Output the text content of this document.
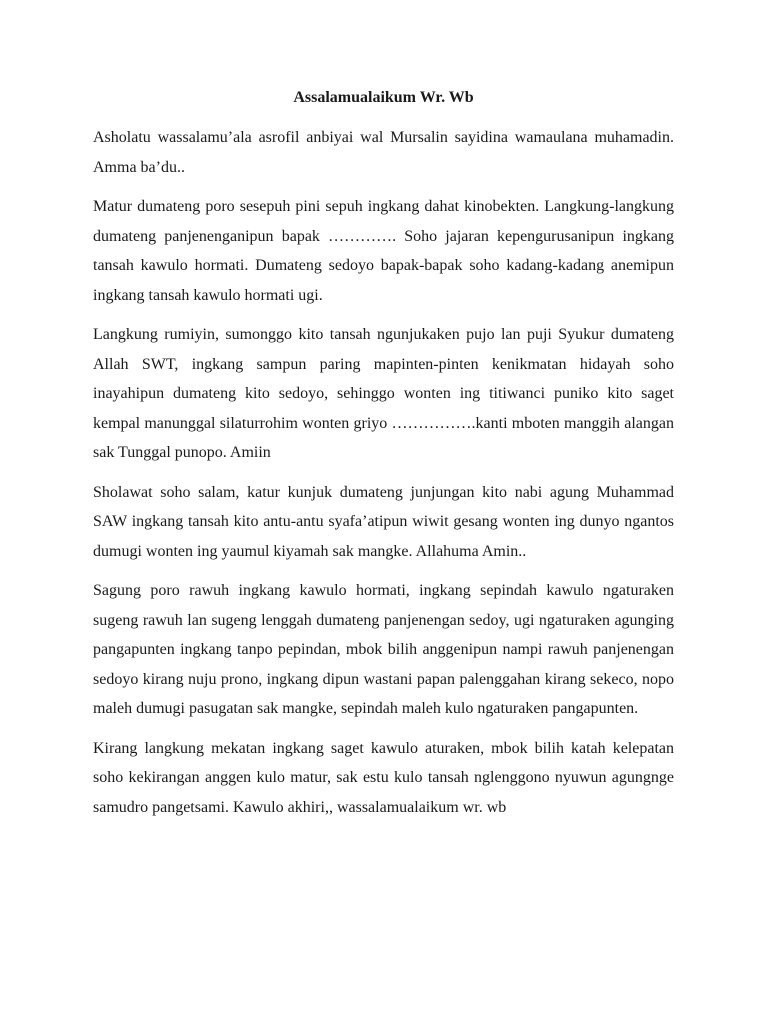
Assalamualaikum Wr. Wb

Asholatu wassalamu’ala asrofil anbiyai wal Mursalin sayidina wamaulana muhamadin. Amma ba’du..

Matur dumateng poro sesepuh pini sepuh ingkang dahat kinobekten. Langkung-langkung dumateng panjenenganipun bapak …………. Soho jajaran kepengurusanipun ingkang tansah kawulo hormati. Dumateng sedoyo bapak-bapak soho kadang-kadang anemipun ingkang tansah kawulo hormati ugi.

Langkung rumiyin, sumonggo kito tansah ngunjukaken pujo lan puji Syukur dumateng Allah SWT, ingkang sampun paring mapinten-pinten kenikmatan hidayah soho inayahipun dumateng kito sedoyo, sehinggo wonten ing titiwanci puniko kito saget kempal manunggal silaturrohim wonten griyo …………….kanti mboten manggih alangan sak Tunggal punopo. Amiin

Sholawat soho salam, katur kunjuk dumateng junjungan kito nabi agung Muhammad SAW ingkang tansah kito antu-antu syafa’atipun wiwit gesang wonten ing dunyo ngantos dumugi wonten ing yaumul kiyamah sak mangke. Allahuma Amin..

Sagung poro rawuh ingkang kawulo hormati, ingkang sepindah kawulo ngaturaken sugeng rawuh lan sugeng lenggah dumateng panjenengan sedoy, ugi ngaturaken agunging pangapunten ingkang tanpo pepindan, mbok bilih anggenipun nampi rawuh panjenengan sedoyo kirang nuju prono, ingkang dipun wastani papan palenggahan kirang sekeco, nopo maleh dumugi pasugatan sak mangke, sepindah maleh kulo ngaturaken pangapunten.

Kirang langkung mekatan ingkang saget kawulo aturaken, mbok bilih katah kelepatan soho kekirangan anggen kulo matur, sak estu kulo tansah nglenggono nyuwun agungnge samudro pangetsami. Kawulo akhiri,, wassalamualaikum wr. wb
